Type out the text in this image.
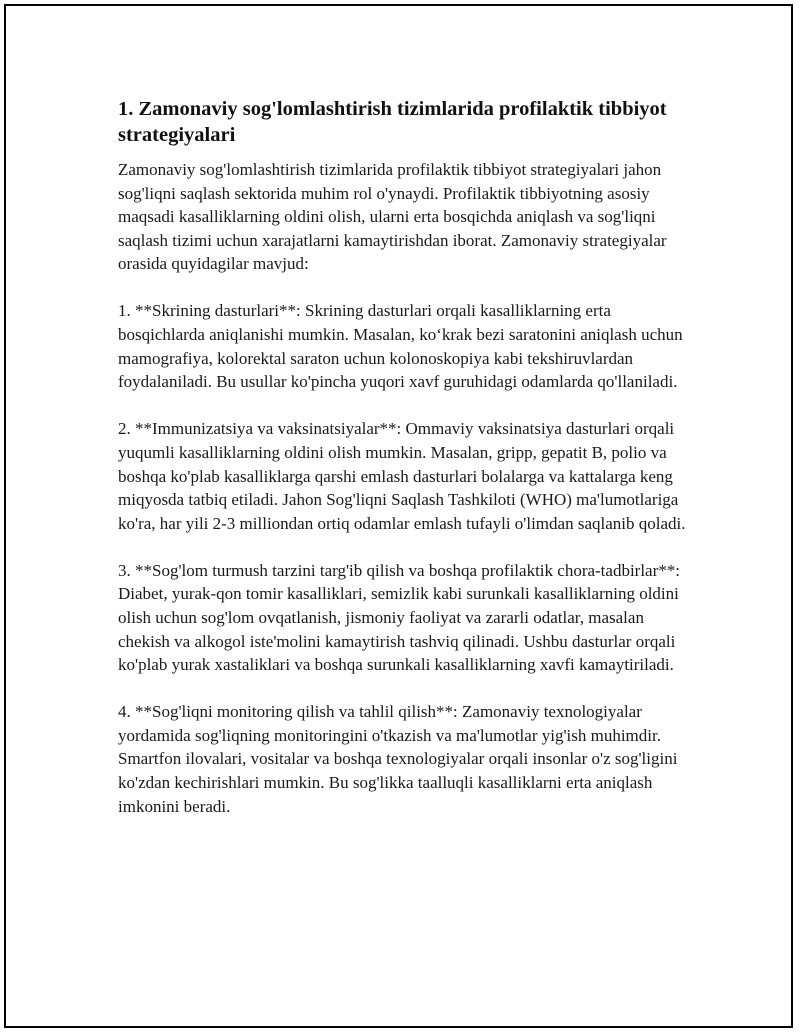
1. Zamonaviy sog'lomlashtirish tizimlarida profilaktik tibbiyot strategiyalari

Zamonaviy sog'lomlashtirish tizimlarida profilaktik tibbiyot strategiyalari jahon sog'liqni saqlash sektorida muhim rol o'ynaydi. Profilaktik tibbiyotning asosiy maqsadi kasalliklarning oldini olish, ularni erta bosqichda aniqlash va sog'liqni saqlash tizimi uchun xarajatlarni kamaytirishdan iborat. Zamonaviy strategiyalar orasida quyidagilar mavjud:

1. **Skrining dasturlari**: Skrining dasturlari orqali kasalliklarning erta bosqichlarda aniqlanishi mumkin. Masalan, ko‘krak bezi saratonini aniqlash uchun mamografiya, kolorektal saraton uchun kolonoskopiya kabi tekshiruvlardan foydalaniladi. Bu usullar ko'pincha yuqori xavf guruhidagi odamlarda qo'llaniladi.

2. **Immunizatsiya va vaksinatsiyalar**: Ommaviy vaksinatsiya dasturlari orqali yuqumli kasalliklarning oldini olish mumkin. Masalan, gripp, gepatit B, polio va boshqa ko'plab kasalliklarga qarshi emlash dasturlari bolalarga va kattalarga keng miqyosda tatbiq etiladi. Jahon Sog'liqni Saqlash Tashkiloti (WHO) ma'lumotlariga ko'ra, har yili 2-3 milliondan ortiq odamlar emlash tufayli o'limdan saqlanib qoladi.

3. **Sog'lom turmush tarzini targ'ib qilish va boshqa profilaktik chora-tadbirlar**: Diabet, yurak-qon tomir kasalliklari, semizlik kabi surunkali kasalliklarning oldini olish uchun sog'lom ovqatlanish, jismoniy faoliyat va zararli odatlar, masalan chekish va alkogol iste'molini kamaytirish tashviq qilinadi. Ushbu dasturlar orqali ko'plab yurak xastaliklari va boshqa surunkali kasalliklarning xavfi kamaytiriladi.

4. **Sog'liqni monitoring qilish va tahlil qilish**: Zamonaviy texnologiyalar yordamida sog'liqning monitoringini o'tkazish va ma'lumotlar yig'ish muhimdir. Smartfon ilovalari, vositalar va boshqa texnologiyalar orqali insonlar o'z sog'ligini ko'zdan kechirishlari mumkin. Bu sog'likka taalluqli kasalliklarni erta aniqlash imkonini beradi.
